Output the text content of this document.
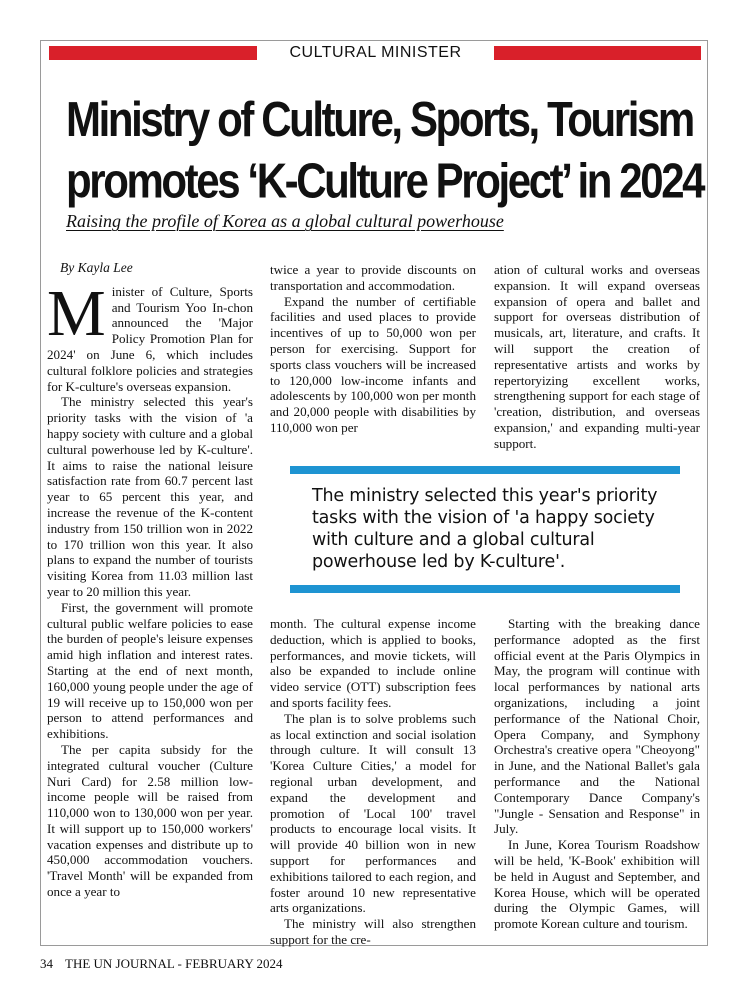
CULTURAL MINISTER
Ministry of Culture, Sports, Tourism promotes ‘K-Culture Project’ in 2024

Raising the profile of Korea as a global cultural powerhouse

By Kayla Lee

Minister of Culture, Sports and Tourism Yoo In-chon announced the 'Major Policy Promotion Plan for 2024' on June 6, which includes cultural folklore policies and strategies for K-culture's overseas expansion.

The ministry selected this year's priority tasks with the vision of 'a happy society with culture and a global cultural powerhouse led by K-culture'. It aims to raise the national leisure satisfaction rate from 60.7 percent last year to 65 percent this year, and increase the revenue of the K-content industry from 150 trillion won in 2022 to 170 trillion won this year. It also plans to expand the number of tourists visiting Korea from 11.03 million last year to 20 million this year.

First, the government will promote cultural public welfare policies to ease the burden of people's leisure expenses amid high inflation and interest rates. Starting at the end of next month, 160,000 young people under the age of 19 will receive up to 150,000 won per person to attend performances and exhibitions.

The per capita subsidy for the integrated cultural voucher (Culture Nuri Card) for 2.58 million low-income people will be raised from 110,000 won to 130,000 won per year. It will support up to 150,000 workers' vacation expenses and distribute up to 450,000 accommodation vouchers. 'Travel Month' will be expanded from once a year to

twice a year to provide discounts on transportation and accommodation.

Expand the number of certifiable facilities and used places to provide incentives of up to 50,000 won per person for exercising. Support for sports class vouchers will be increased to 120,000 low-income infants and adolescents by 100,000 won per month and 20,000 people with disabilities by 110,000 won per

ation of cultural works and overseas expansion. It will expand overseas expansion of opera and ballet and support for overseas distribution of musicals, art, literature, and crafts. It will support the creation of representative artists and works by repertoryizing excellent works, strengthening support for each stage of 'creation, distribution, and overseas expansion,' and expanding multi-year support.

The ministry selected this year's priority tasks with the vision of 'a happy society with culture and a global cultural powerhouse led by K-culture'.

month. The cultural expense income deduction, which is applied to books, performances, and movie tickets, will also be expanded to include online video service (OTT) subscription fees and sports facility fees.

The plan is to solve problems such as local extinction and social isolation through culture. It will consult 13 'Korea Culture Cities,' a model for regional urban development, and expand the development and promotion of 'Local 100' travel products to encourage local visits. It will provide 40 billion won in new support for performances and exhibitions tailored to each region, and foster around 10 new representative arts organizations.

The ministry will also strengthen support for the cre-

Starting with the breaking dance performance adopted as the first official event at the Paris Olympics in May, the program will continue with local performances by national arts organizations, including a joint performance of the National Choir, Opera Company, and Symphony Orchestra's creative opera "Cheoyong" in June, and the National Ballet's gala performance and the National Contemporary Dance Company's "Jungle - Sensation and Response" in July.

In June, Korea Tourism Roadshow will be held, 'K-Book' exhibition will be held in August and September, and Korea House, which will be operated during the Olympic Games, will promote Korean culture and tourism.

34 THE UN JOURNAL - FEBRUARY 2024
